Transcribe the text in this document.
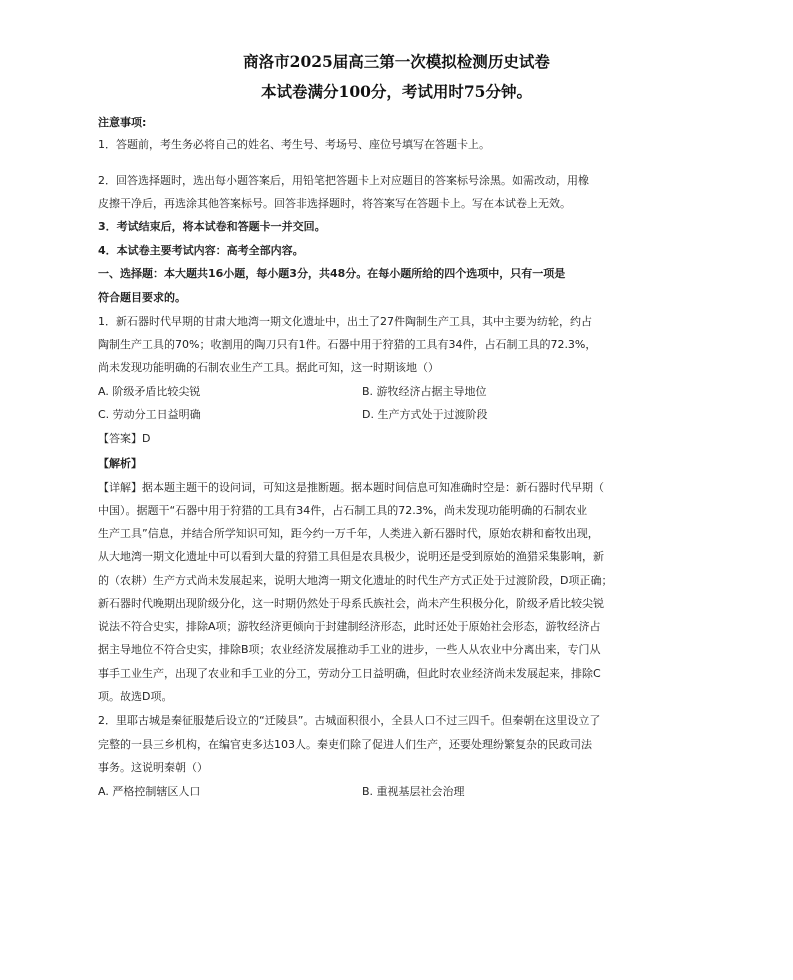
商洛市2025届高三第一次模拟检测历史试卷
本试卷满分100分，考试用时75分钟。
注意事项:
1．答题前，考生务必将自己的姓名、考生号、考场号、座位号填写在答题卡上。
2．回答选择题时，选出每小题答案后，用铅笔把答题卡上对应题目的答案标号涂黑。如需改动，用橡
皮擦干净后，再选涂其他答案标号。回答非选择题时，将答案写在答题卡上。写在本试卷上无效。
3．考试结束后，将本试卷和答题卡一并交回。
4．本试卷主要考试内容：高考全部内容。
一、选择题：本大题共16小题，每小题3分，共48分。在每小题所给的四个选项中，只有一项是
符合题目要求的。
1．新石器时代早期的甘肃大地湾一期文化遗址中，出土了27件陶制生产工具，其中主要为纺轮，约占
陶制生产工具的70%；收割用的陶刀只有1件。石器中用于狩猎的工具有34件，占石制工具的72.3%，
尚未发现功能明确的石制农业生产工具。据此可知，这一时期该地（）
A. 阶级矛盾比较尖锐	B. 游牧经济占据主导地位
C. 劳动分工日益明确	D. 生产方式处于过渡阶段
【答案】D
【解析】
【详解】据本题主题干的设问词，可知这是推断题。据本题时间信息可知准确时空是：新石器时代早期（
中国）。据题干“石器中用于狩猎的工具有34件，占石制工具的72.3%，尚未发现功能明确的石制农业
生产工具”信息，并结合所学知识可知，距今约一万千年，人类进入新石器时代，原始农耕和畜牧出现，
从大地湾一期文化遗址中可以看到大量的狩猎工具但是农具极少，说明还是受到原始的渔猎采集影响，新
的（农耕）生产方式尚未发展起来，说明大地湾一期文化遗址的时代生产方式正处于过渡阶段，D项正确；
新石器时代晚期出现阶级分化，这一时期仍然处于母系氏族社会，尚未产生积极分化，阶级矛盾比较尖锐
说法不符合史实，排除A项；游牧经济更倾向于封建制经济形态，此时还处于原始社会形态，游牧经济占
据主导地位不符合史实，排除B项；农业经济发展推动手工业的进步，一些人从农业中分离出来，专门从
事手工业生产，出现了农业和手工业的分工，劳动分工日益明确，但此时农业经济尚未发展起来，排除C
项。故选D项。
2．里耶古城是秦征服楚后设立的“迁陵县”。古城面积很小，全县人口不过三四千。但秦朝在这里设立了
完整的一县三乡机构，在编官吏多达103人。秦吏们除了促进人们生产，还要处理纷繁复杂的民政司法
事务。这说明秦朝（）
A. 严格控制辖区人口	B. 重视基层社会治理
